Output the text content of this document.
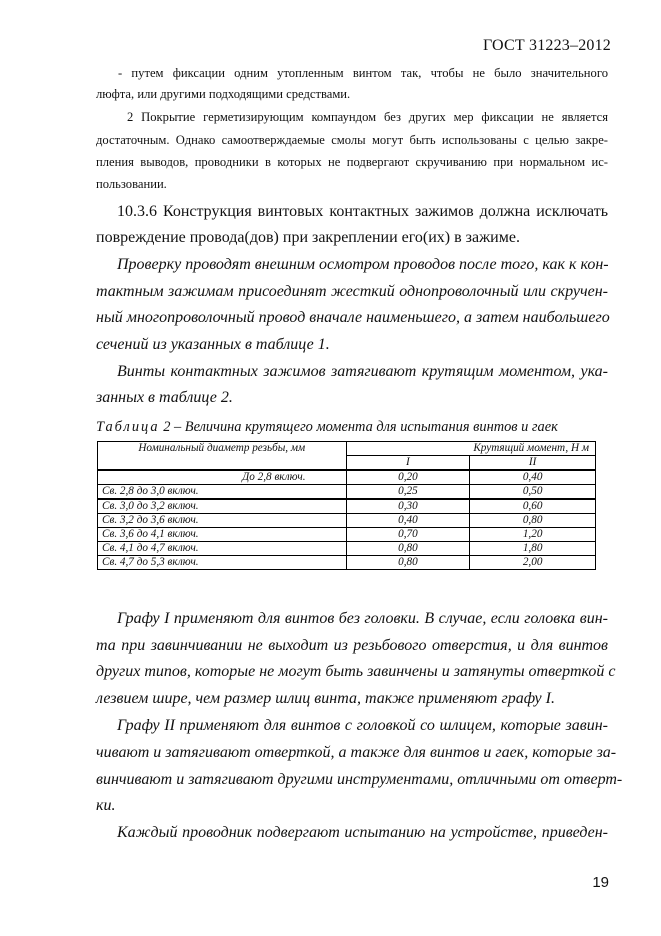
ГОСТ 31223–2012
- путем фиксации одним утопленным винтом так, чтобы не было значительного
люфта, или другими подходящими средствами.
2 Покрытие герметизирующим компаундом без других мер фиксации не является
достаточным. Однако самоотверждаемые смолы могут быть использованы с целью закре-
пления выводов, проводники в которых не подвергают скручиванию при нормальном ис-
пользовании.
10.3.6 Конструкция винтовых контактных зажимов должна исключать
повреждение провода(дов) при закреплении его(их) в зажиме.
Проверку проводят внешним осмотром проводов после того, как к кон-
тактным зажимам присоединят жесткий однопроволочный или скручен-
ный многопроволочный провод вначале наименьшего, а затем наибольшего
сечений из указанных в таблице 1.
Винты контактных зажимов затягивают крутящим моментом, ука-
занных в таблице 2.
Таблица 2 – Величина крутящего момента для испытания винтов и гаек
Номинальный диаметр резьбы, мм	Крутящий момент, Н м	
	I	II
До 2,8 включ.	0,20	0,40
Св. 2,8 до 3,0 включ.	0,25	0,50
Св. 3,0 до 3,2 включ.	0,30	0,60
Св. 3,2 до 3,6 включ.	0,40	0,80
Св. 3,6 до 4,1 включ.	0,70	1,20
Св. 4,1 до 4,7 включ.	0,80	1,80
Св. 4,7 до 5,3 включ.	0,80	2,00
Графу I применяют для винтов без головки. В случае, если головка вин-
та при завинчивании не выходит из резьбового отверстия, и для винтов
других типов, которые не могут быть завинчены и затянуты отверткой с
лезвием шире, чем размер шлиц винта, также применяют графу I.
Графу II применяют для винтов с головкой со шлицем, которые завин-
чивают и затягивают отверткой, а также для винтов и гаек, которые за-
винчивают и затягивают другими инструментами, отличными от отверт-
ки.
Каждый проводник подвергают испытанию на устройстве, приведен-
19
